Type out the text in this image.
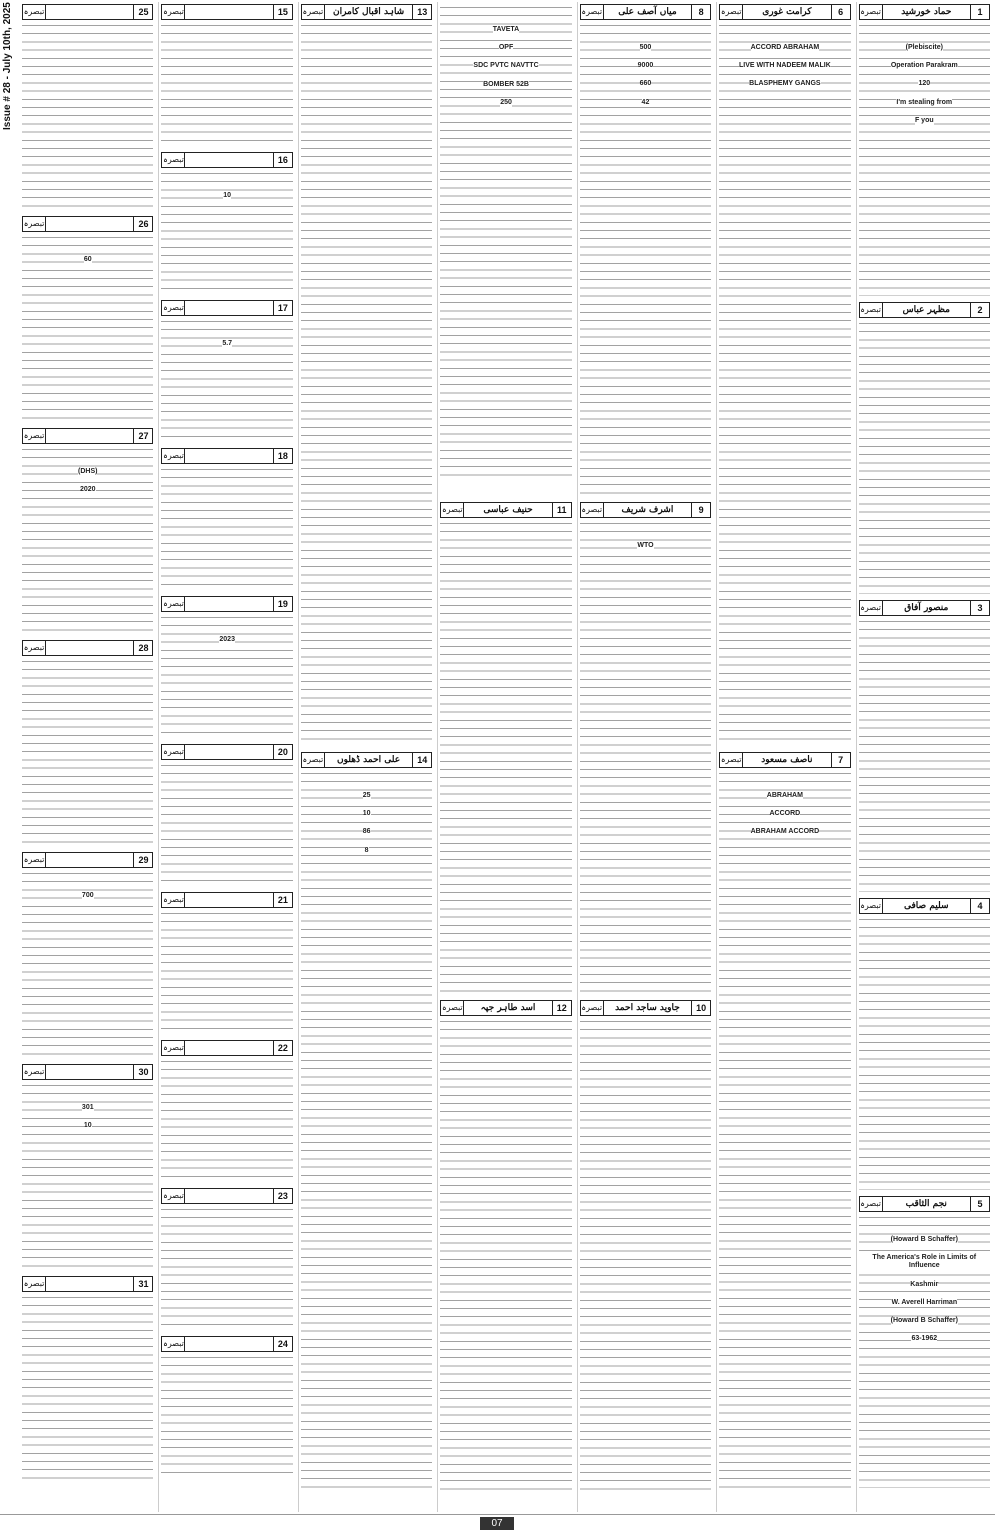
Issue # 28 - July 10th, 2025	1
حماد خورشید
تبصرہ
(Plebiscite)
Operation Parakram
120
I'm stealing from
F you
2
مظہر عباس
تبصرہ
3
منصور آفاق
تبصرہ
4
سلیم صافی
تبصرہ
5
نجم الثاقب
تبصرہ
(Howard B Schaffer)
The America's Role in Limits of Influence
Kashmir
W. Averell Harriman
(Howard B Schaffer)
63-1962
6
کرامت غوری
تبصرہ
ACCORD ABRAHAM
LIVE WITH NADEEM MALIK
BLASPHEMY GANGS
7
ناصف مسعود
تبصرہ
ABRAHAM
ACCORD
ABRAHAM ACCORD
8
میاں آصف علی
تبصرہ
500
9000
660
42
9
اشرف شریف
تبصرہ
WTO
10
جاوید ساجد احمد
تبصرہ
TAVETA
OPF
SDC PVTC NAVTTC
BOMBER 52B
250
11
حنیف عباسی
تبصرہ
12
اسد طاہر جپہ
تبصرہ
13
شاہد اقبال کامران
تبصرہ
14
علی احمد ڈھلوں
تبصرہ
25
10
86
8
15
تبصرہ
16
تبصرہ
10
17
تبصرہ
5.7
18
تبصرہ
19
تبصرہ
2023
20
تبصرہ
21
تبصرہ
22
تبصرہ
23
تبصرہ
24
تبصرہ
25
تبصرہ
26
تبصرہ
60
27
تبصرہ
(DHS)
2020
28
تبصرہ
29
تبصرہ
700
30
تبصرہ
301
10
31
تبصرہ
07
